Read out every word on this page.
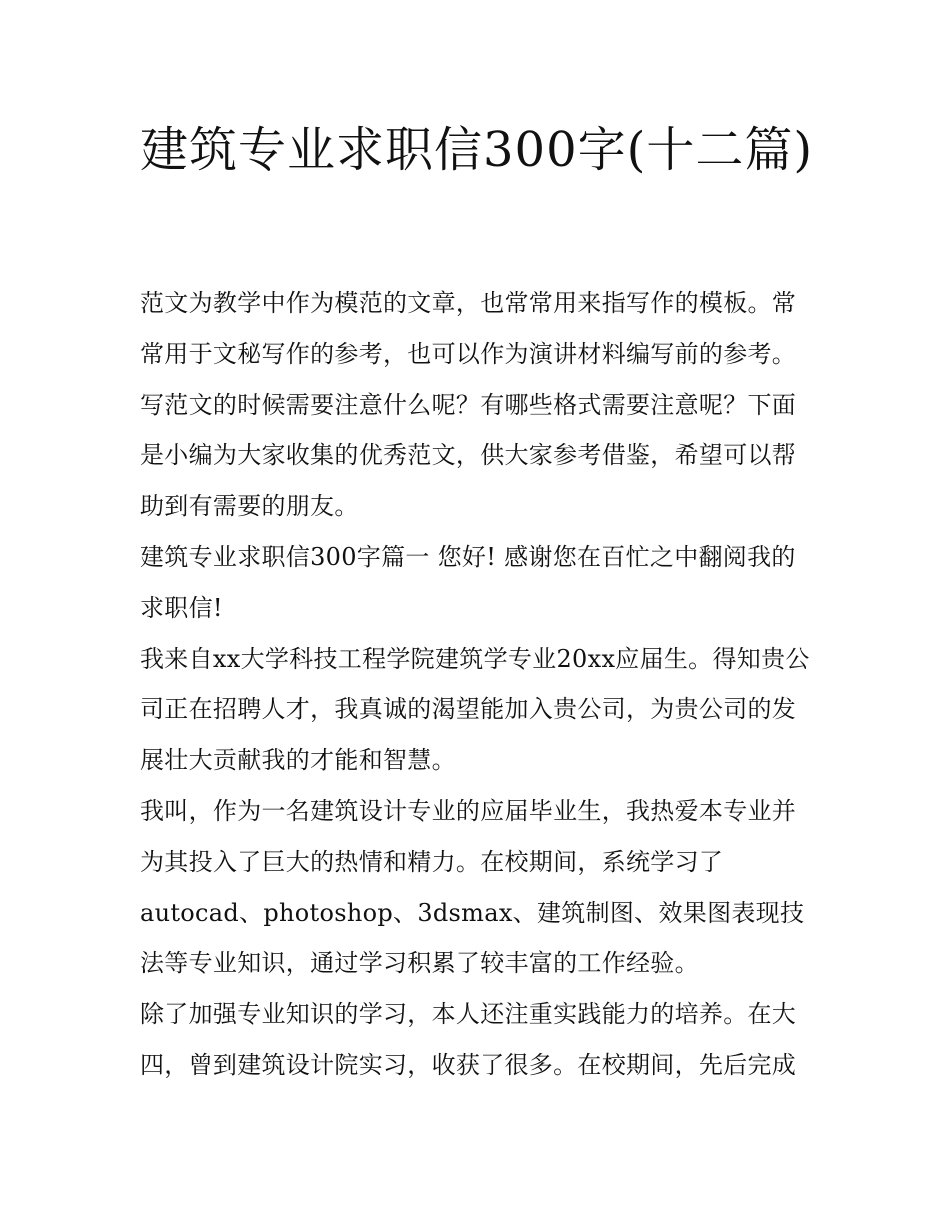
建筑专业求职信300字(十二篇)

范文为教学中作为模范的文章，也常常用来指写作的模板。常常用于文秘写作的参考，也可以作为演讲材料编写前的参考。写范文的时候需要注意什么呢？有哪些格式需要注意呢？下面是小编为大家收集的优秀范文，供大家参考借鉴，希望可以帮助到有需要的朋友。

建筑专业求职信300字篇一 您好! 感谢您在百忙之中翻阅我的求职信!

我来自xx大学科技工程学院建筑学专业20xx应届生。得知贵公司正在招聘人才，我真诚的渴望能加入贵公司，为贵公司的发展壮大贡献我的才能和智慧。

我叫，作为一名建筑设计专业的应届毕业生，我热爱本专业并为其投入了巨大的热情和精力。在校期间，系统学习了autocad、photoshop、3dsmax、建筑制图、效果图表现技法等专业知识，通过学习积累了较丰富的工作经验。

除了加强专业知识的学习，本人还注重实践能力的培养。在大四，曾到建筑设计院实习，收获了很多。在校期间，先后完成
